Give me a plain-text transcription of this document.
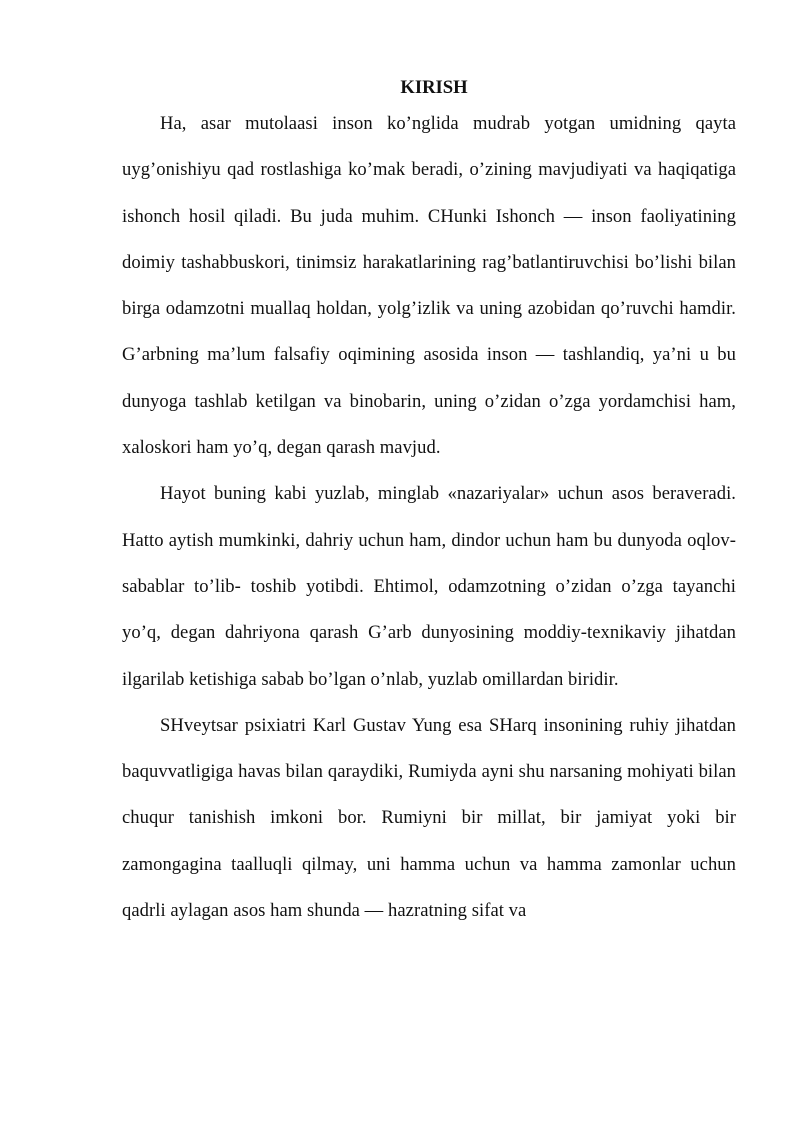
KIRISH

Ha, asar mutolaasi inson ko’nglida mudrab yotgan umidning qayta uyg’onishiyu qad rostlashiga ko’mak beradi, o’zining mavjudiyati va haqiqatiga ishonch hosil qiladi. Bu juda muhim. CHunki Ishonch — inson faoliyatining doimiy tashabbuskori, tinimsiz harakatlarining rag’batlantiruvchisi bo’lishi bilan birga odamzotni muallaq holdan, yolg’izlik va uning azobidan qo’ruvchi hamdir. G’arbning ma’lum falsafiy oqimining asosida inson — tashlandiq, ya’ni u bu dunyoga tashlab ketilgan va binobarin, uning o’zidan o’zga yordamchisi ham, xaloskori ham yo’q, degan qarash mavjud.

Hayot buning kabi yuzlab, minglab «nazariyalar» uchun asos beraveradi. Hatto aytish mumkinki, dahriy uchun ham, dindor uchun ham bu dunyoda oqlov-sabablar to’lib- toshib yotibdi. Ehtimol, odamzotning o’zidan o’zga tayanchi yo’q, degan dahriyona qarash G’arb dunyosining moddiy-texnikaviy jihatdan ilgarilab ketishiga sabab bo’lgan o’nlab, yuzlab omillardan biridir.

SHveytsar psixiatri Karl Gustav Yung esa SHarq insonining ruhiy jihatdan baquvvatligiga havas bilan qaraydiki, Rumiyda ayni shu narsaning mohiyati bilan chuqur tanishish imkoni bor. Rumiyni bir millat, bir jamiyat yoki bir zamongagina taalluqli qilmay, uni hamma uchun va hamma zamonlar uchun qadrli aylagan asos ham shunda — hazratning sifat va
